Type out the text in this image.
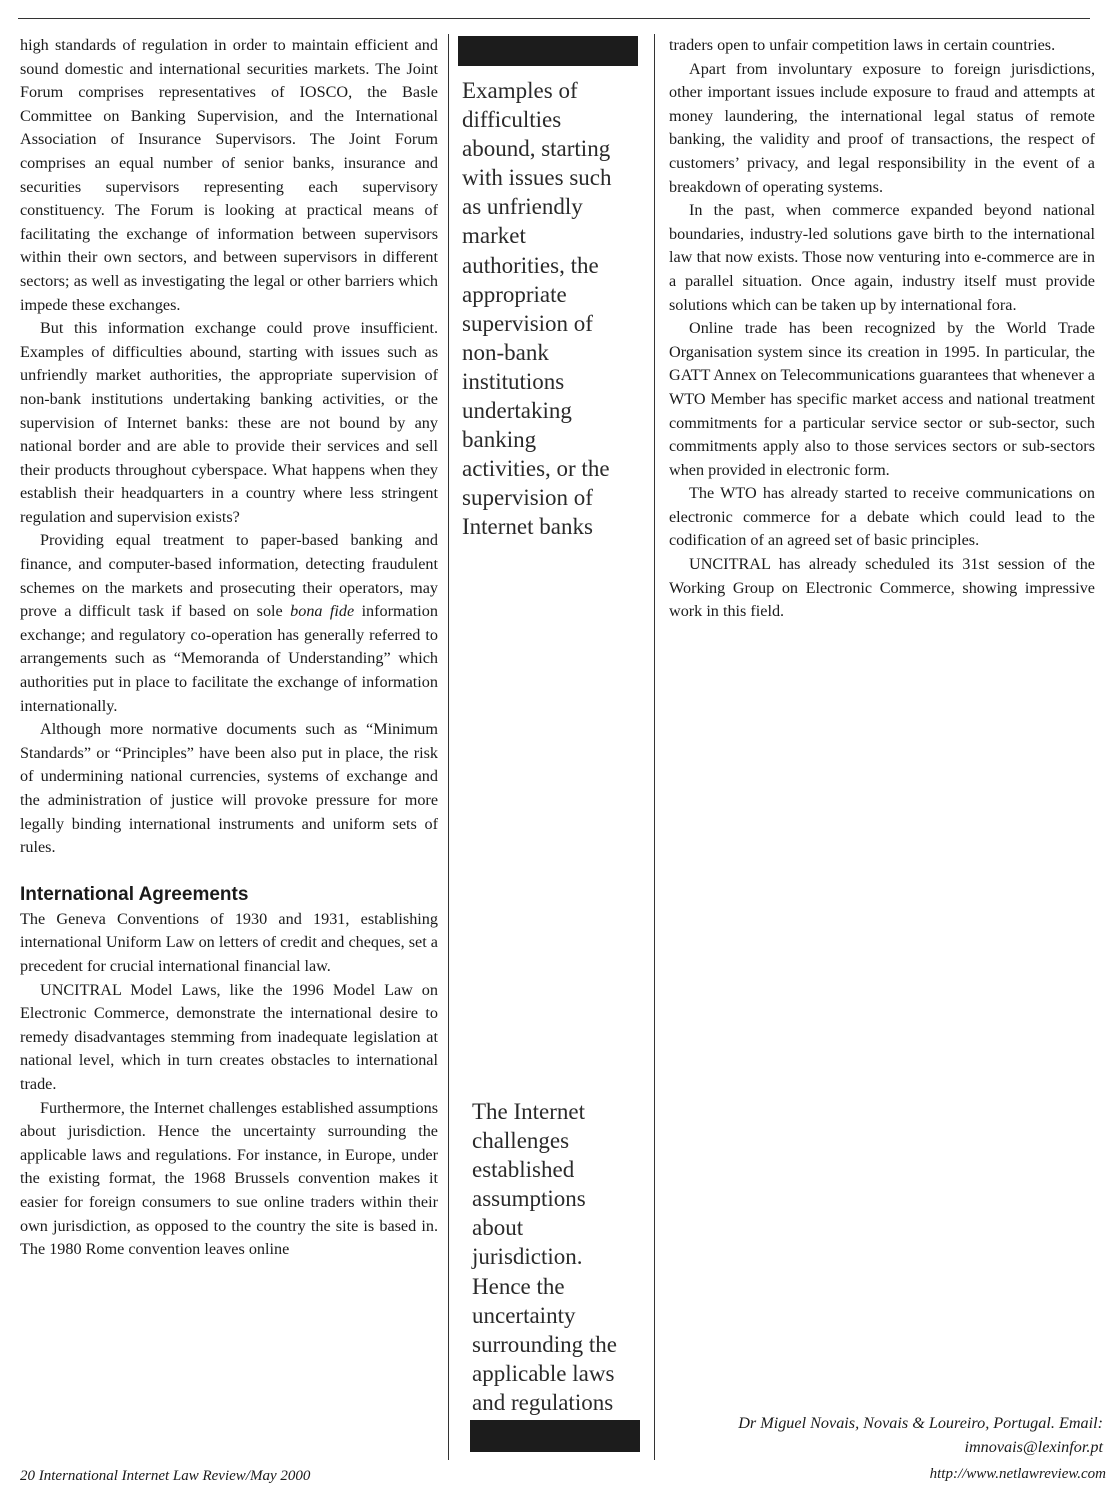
high standards of regulation in order to maintain efficient and sound domestic and international securities markets. The Joint Forum comprises representatives of IOSCO, the Basle Committee on Banking Supervision, and the International Association of Insurance Supervisors. The Joint Forum comprises an equal number of senior banks, insurance and securities supervisors representing each supervisory constituency. The Forum is looking at practical means of facilitating the exchange of information between supervisors within their own sectors, and between supervisors in different sectors; as well as investigating the legal or other barriers which impede these exchanges.

But this information exchange could prove insufficient. Examples of difficulties abound, starting with issues such as unfriendly market authorities, the appropriate supervision of non-bank institutions undertaking banking activities, or the supervision of Internet banks: these are not bound by any national border and are able to provide their services and sell their products throughout cyberspace. What happens when they establish their headquarters in a country where less stringent regulation and supervision exists?

Providing equal treatment to paper-based banking and finance, and computer-based information, detecting fraudulent schemes on the markets and prosecuting their operators, may prove a difficult task if based on sole bona fide information exchange; and regulatory co-operation has generally referred to arrangements such as “Memoranda of Understanding” which authorities put in place to facilitate the exchange of information internationally.

Although more normative documents such as “Minimum Standards” or “Principles” have been also put in place, the risk of undermining national currencies, systems of exchange and the administration of justice will provoke pressure for more legally binding international instruments and uniform sets of rules.

International Agreements

The Geneva Conventions of 1930 and 1931, establishing international Uniform Law on letters of credit and cheques, set a precedent for crucial international financial law.

UNCITRAL Model Laws, like the 1996 Model Law on Electronic Commerce, demonstrate the international desire to remedy disadvantages stemming from inadequate legislation at national level, which in turn creates obstacles to international trade.

Furthermore, the Internet challenges established assumptions about jurisdiction. Hence the uncertainty surrounding the applicable laws and regulations. For instance, in Europe, under the existing format, the 1968 Brussels convention makes it easier for foreign consumers to sue online traders within their own jurisdiction, as opposed to the country the site is based in. The 1980 Rome convention leaves online

Examples of
difficulties
abound, starting
with issues such
as unfriendly
market
authorities, the
appropriate
supervision of
non-bank
institutions
undertaking
banking
activities, or the
supervision of
Internet banks
The Internet
challenges
established
assumptions
about
jurisdiction.
Hence the
uncertainty
surrounding the
applicable laws
and regulations

traders open to unfair competition laws in certain countries.

Apart from involuntary exposure to foreign jurisdictions, other important issues include exposure to fraud and attempts at money laundering, the international legal status of remote banking, the validity and proof of transactions, the respect of customers’ privacy, and legal responsibility in the event of a breakdown of operating systems.

In the past, when commerce expanded beyond national boundaries, industry-led solutions gave birth to the international law that now exists. Those now venturing into e-commerce are in a parallel situation. Once again, industry itself must provide solutions which can be taken up by international fora.

Online trade has been recognized by the World Trade Organisation system since its creation in 1995. In particular, the GATT Annex on Telecommunications guarantees that whenever a WTO Member has specific market access and national treatment commitments for a particular service sector or sub-sector, such commitments apply also to those services sectors or sub-sectors when provided in electronic form.

The WTO has already started to receive communications on electronic commerce for a debate which could lead to the codification of an agreed set of basic principles.

UNCITRAL has already scheduled its 31st session of the Working Group on Electronic Commerce, showing impressive work in this field.

Dr Miguel Novais, Novais & Loureiro, Portugal. Email:
imnovais@lexinfor.pt
20 International Internet Law Review/May 2000	http://www.netlawreview.com
